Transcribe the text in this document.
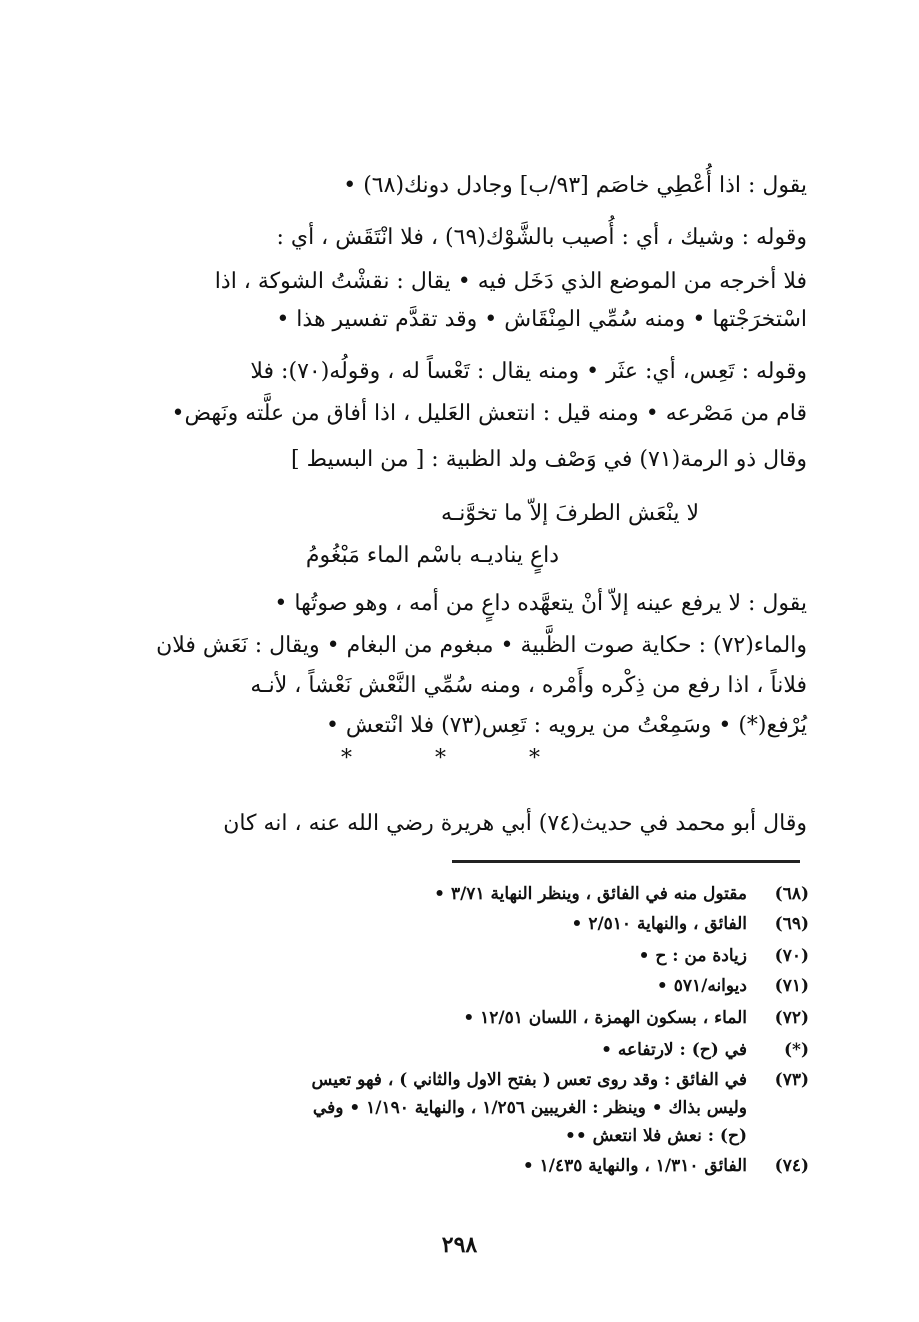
يقول : اذا أُعْطِي خاصَم [٩٣/ب] وجادل دونك(٦٨) •
وقوله : وشيك ، أي : أُصيب بالشَّوْك(٦٩) ، فلا انْتَقَش ، أي :
فلا أخرجه من الموضع الذي دَخَل فيه • يقال : نقشْتُ الشوكة ، اذا
اسْتخرَجْتها • ومنه سُمِّي المِنْقَاش • وقد تقدَّم تفسير هذا •
وقوله : تَعِس، أي: عثَر • ومنه يقال : تَعْساً له ، وقولُه(٧٠): فلا
قام من مَصْرعه • ومنه قيل : انتعش العَليل ، اذا أفاق من علَّته ونَهض•
وقال ذو الرمة(٧١) في وَصْف ولد الظبية : [ من البسيط ]
لا ينْعَش الطرفَ إلاّ ما تخوَّنـه
داعٍ ينادیـه باسْم الماء مَبْغُومُ
يقول : لا يرفع عينه إلاّ أنْ يتعهَّده داعٍ من أمه ، وهو صوتُها •
والماء(٧٢) : حكاية صوت الظَّبية • مبغوم من البغام • ويقال : نَعَش فلان
فلاناً ، اذا رفع من ذِكْره وأَمْره ، ومنه سُمِّي النَّعْش نَعْشاً ، لأنـه
يُرْفع(*) • وسَمِعْتُ من يرويه : تَعِس(٧٣) فلا انْتعش •
* * *
وقال أبو محمد في حديث(٧٤) أبي هريرة رضي الله عنه ، انه كان
(٦٨)
مقتول منه في الفائق ، وينظر النهاية ٣/٧١ •
(٦٩)
الفائق ، والنهاية ٢/٥١٠ •
(٧٠)
زيادة من : ح •
(٧١)
ديوانه/٥٧١ •
(٧٢)
الماء ، بسكون الهمزة ، اللسان ١٢/٥١ •
(*)
في (ح) : لارتفاعه •
(٧٣)
في الفائق : وقد روى تعس ( بفتح الاول والثاني ) ، فهو تعيس
وليس بذاك • وينظر : الغريبين ١/٢٥٦ ، والنهاية ١/١٩٠ • وفي
(ح) : نعش فلا انتعش ••
(٧٤)
الفائق ١/٣١٠ ، والنهاية ١/٤٣٥ •
٢٩٨
